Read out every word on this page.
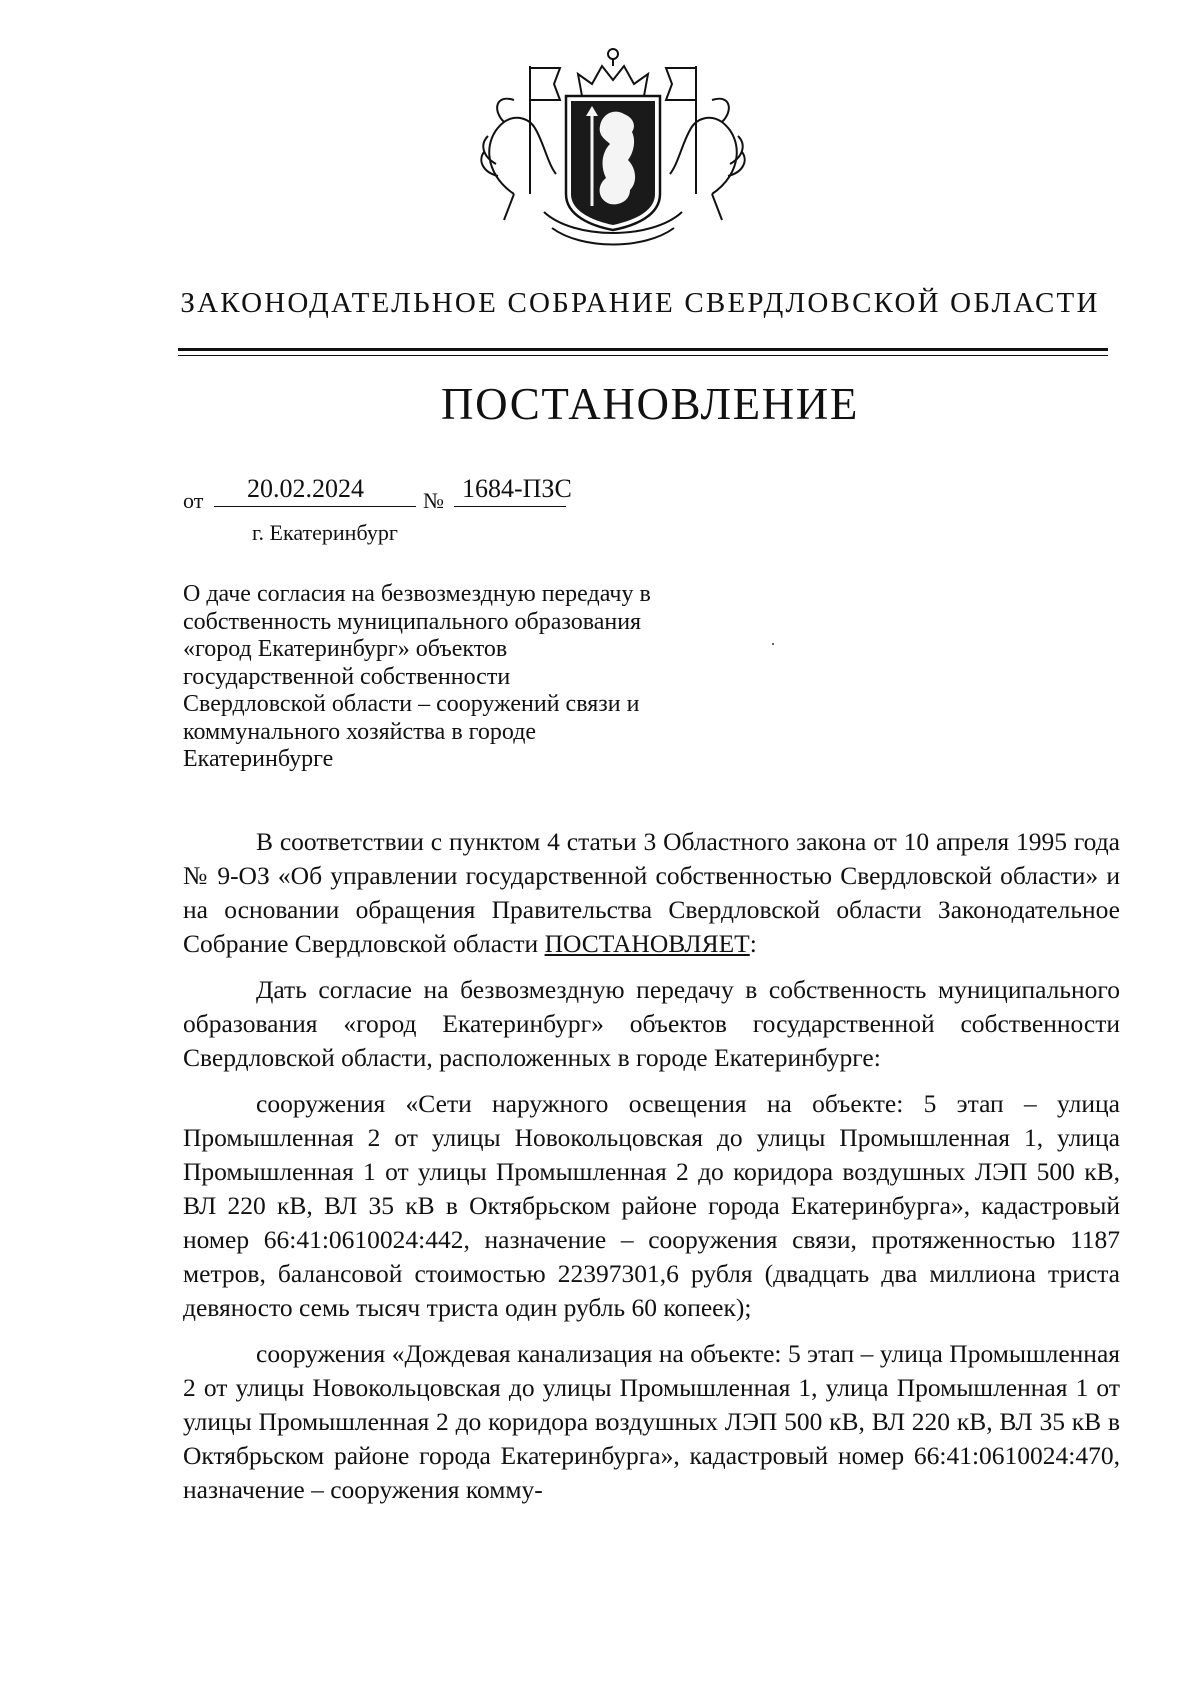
ЗАКОНОДАТЕЛЬНОЕ СОБРАНИЕ СВЕРДЛОВСКОЙ ОБЛАСТИ
ПОСТАНОВЛЕНИЕ
от 20.02.2024	№ 1684-ПЗС
г. Екатеринбург
О даче согласия на безвозмездную передачу в собственность муниципального образования «город Екатеринбург» объектов государственной собственности Свердловской области – сооружений связи и коммунального хозяйства в городе Екатеринбурге

В соответствии с пунктом 4 статьи 3 Областного закона от 10 апреля 1995 года № 9-ОЗ «Об управлении государственной собственностью Свердловской области» и на основании обращения Правительства Свердловской области Законодательное Собрание Свердловской области ПОСТАНОВЛЯЕТ:

Дать согласие на безвозмездную передачу в собственность муниципального образования «город Екатеринбург» объектов государственной собственности Свердловской области, расположенных в городе Екатеринбурге:

сооружения «Сети наружного освещения на объекте: 5 этап – улица Промышленная 2 от улицы Новокольцовская до улицы Промышленная 1, улица Промышленная 1 от улицы Промышленная 2 до коридора воздушных ЛЭП 500 кВ, ВЛ 220 кВ, ВЛ 35 кВ в Октябрьском районе города Екатеринбурга», кадастровый номер 66:41:0610024:442, назначение – сооружения связи, протяженностью 1187 метров, балансовой стоимостью 22397301,6 рубля (двадцать два миллиона триста девяносто семь тысяч триста один рубль 60 копеек);

сооружения «Дождевая канализация на объекте: 5 этап – улица Промышленная 2 от улицы Новокольцовская до улицы Промышленная 1, улица Промышленная 1 от улицы Промышленная 2 до коридора воздушных ЛЭП 500 кВ, ВЛ 220 кВ, ВЛ 35 кВ в Октябрьском районе города Екатеринбурга», кадастровый номер 66:41:0610024:470, назначение – сооружения комму-
